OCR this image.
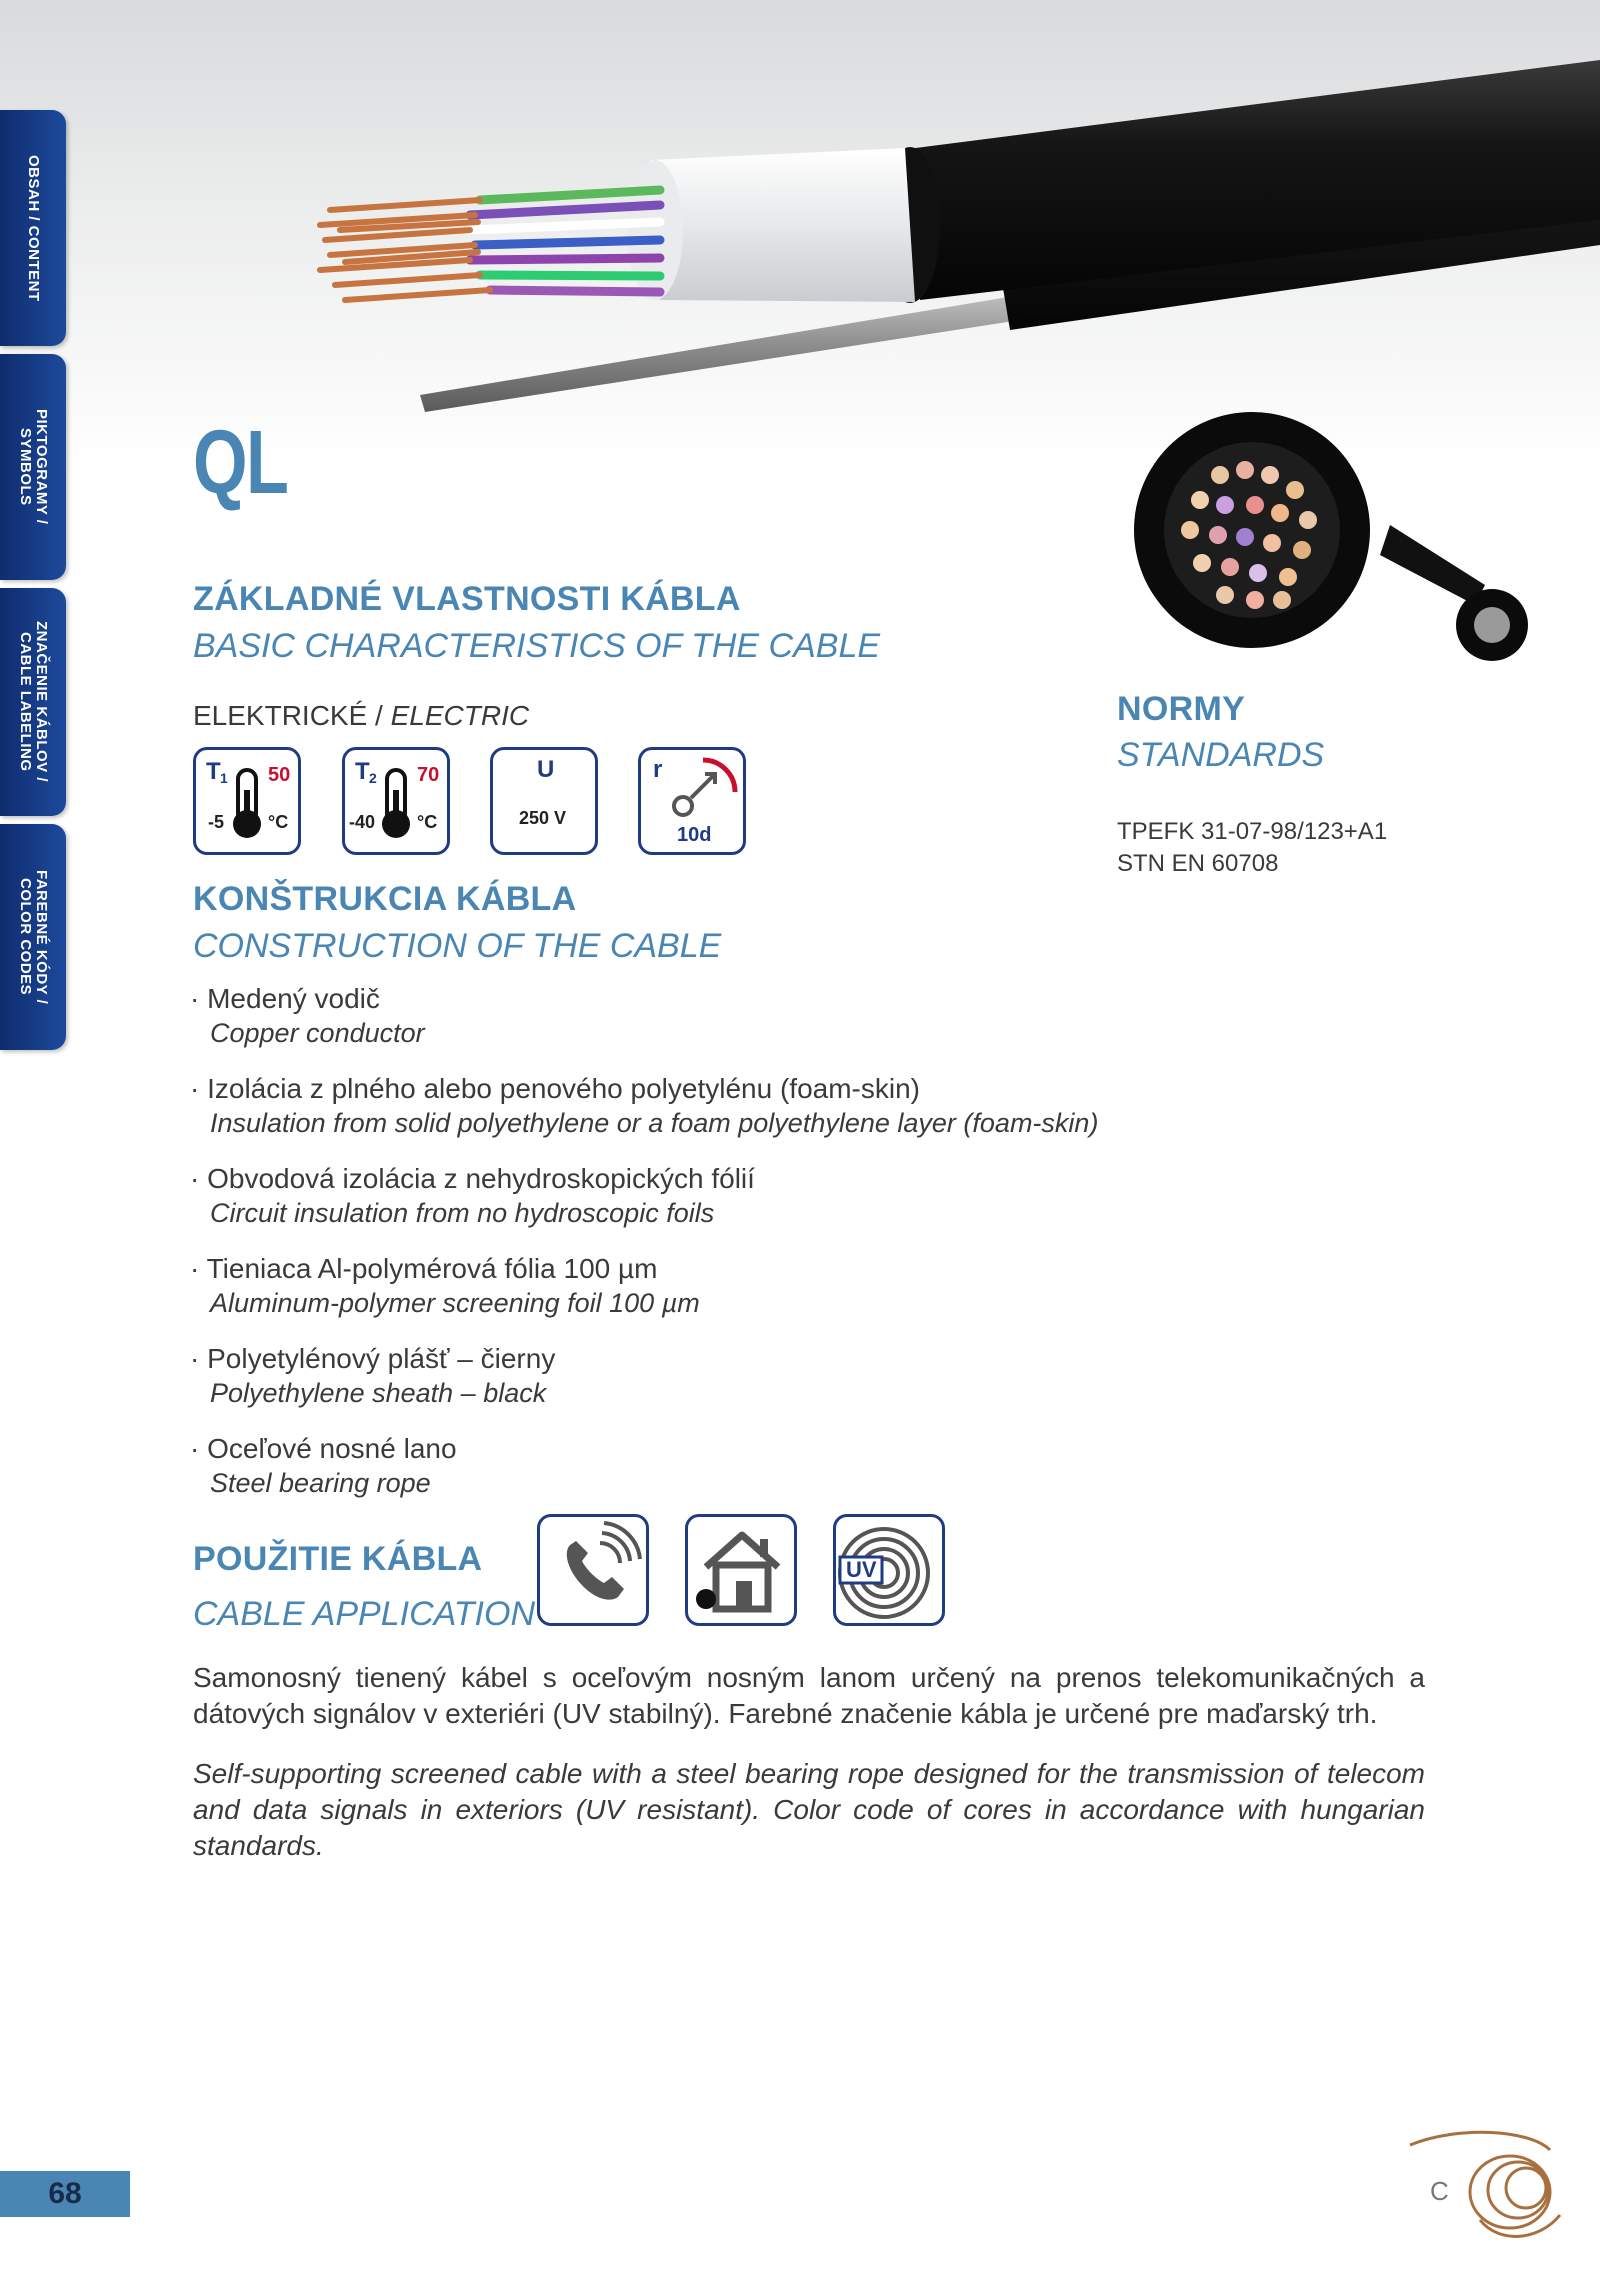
OBSAH / CONTENT
PIKTOGRAMY /
SYMBOLS
ZNAČENIE KÁBLOV /
CABLE LABELING
FAREBNÉ KÓDY /
COLOR CODES
QL
ZÁKLADNÉ VLASTNOSTI KÁBLA
BASIC CHARACTERISTICS OF THE CABLE
ELEKTRICKÉ / ELECTRIC
T 1 50
-5 °C
T 2 70
-40 °C
U
250 V
r
10d
KONŠTRUKCIA KÁBLA
CONSTRUCTION OF THE CABLE
· Medený vodič
Copper conductor
· Izolácia z plného alebo penového polyetylénu (foam-skin)
Insulation from solid polyethylene or a foam polyethylene layer (foam-skin)
· Obvodová izolácia z nehydroskopických fólií
Circuit insulation from no hydroscopic foils
· Tieniaca Al-polymérová fólia 100 µm
Aluminum-polymer screening foil 100 µm
· Polyetylénový plášť – čierny
Polyethylene sheath – black
· Oceľové nosné lano
Steel bearing rope
NORMY
STANDARDS
TPEFK 31-07-98/123+A1
STN EN 60708
POUŽITIE KÁBLA
CABLE APPLICATION
UV
Samonosný tienený kábel s oceľovým nosným lanom určený na prenos telekomunikačných a dátových signálov v exteriéri (UV stabilný). Farebné značenie kábla je určené pre maďarský trh.
Self-supporting screened cable with a steel bearing rope designed for the transmission of telecom and data signals in exteriors (UV resistant). Color code of cores in accordance with hungarian standards.
68	C
